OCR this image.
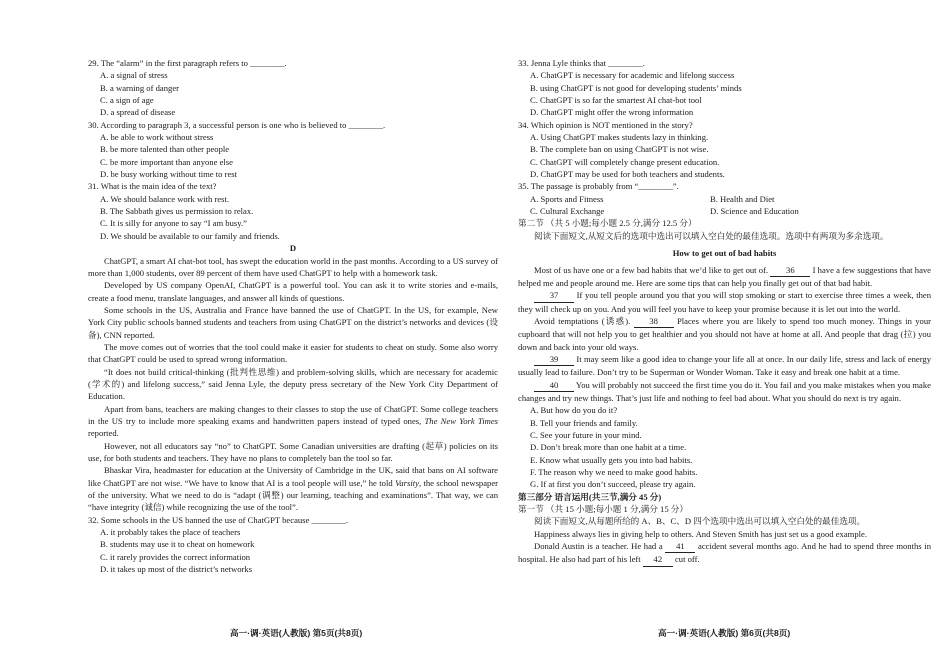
29. The “alarm” in the first paragraph refers to ________.

A. a signal of stress

B. a warning of danger

C. a sign of age

D. a spread of disease

30. According to paragraph 3, a successful person is one who is believed to ________.

A. be able to work without stress

B. be more talented than other people

C. be more important than anyone else

D. be busy working without time to rest

31. What is the main idea of the text?

A. We should balance work with rest.

B. The Sabbath gives us permission to relax.

C. It is silly for anyone to say “I am busy.”

D. We should be available to our family and friends.

D

ChatGPT, a smart AI chat-bot tool, has swept the education world in the past months. According to a US survey of more than 1,000 students, over 89 percent of them have used ChatGPT to help with a homework task.

Developed by US company OpenAI, ChatGPT is a powerful tool. You can ask it to write stories and e-mails, create a food menu, translate languages, and answer all kinds of questions.

Some schools in the US, Australia and France have banned the use of ChatGPT. In the US, for example, New York City public schools banned students and teachers from using ChatGPT on the district’s networks and devices (设备), CNN reported.

The move comes out of worries that the tool could make it easier for students to cheat on study. Some also worry that ChatGPT could be used to spread wrong information.

“It does not build critical-thinking (批判性思维) and problem-solving skills, which are necessary for academic (学术的) and lifelong success,” said Jenna Lyle, the deputy press secretary of the New York City Department of Education.

Apart from bans, teachers are making changes to their classes to stop the use of ChatGPT. Some college teachers in the US try to include more speaking exams and handwritten papers instead of typed ones, The New York Times reported.

However, not all educators say “no” to ChatGPT. Some Canadian universities are drafting (起草) policies on its use, for both students and teachers. They have no plans to completely ban the tool so far.

Bhaskar Vira, headmaster for education at the University of Cambridge in the UK, said that bans on AI software like ChatGPT are not wise. “We have to know that AI is a tool people will use,” he told Varsity, the school newspaper of the university. What we need to do is “adapt (调整) our learning, teaching and examinations”. That way, we can “have integrity (诚信) while recognizing the use of the tool”.

32. Some schools in the US banned the use of ChatGPT because ________.

A. it probably takes the place of teachers

B. students may use it to cheat on homework

C. it rarely provides the correct information

D. it takes up most of the district’s networks

33. Jenna Lyle thinks that ________.

A. ChatGPT is necessary for academic and lifelong success

B. using ChatGPT is not good for developing students’ minds

C. ChatGPT is so far the smartest AI chat-bot tool

D. ChatGPT might offer the wrong information

34. Which opinion is NOT mentioned in the story?

A. Using ChatGPT makes students lazy in thinking.

B. The complete ban on using ChatGPT is not wise.

C. ChatGPT will completely change present education.

D. ChatGPT may be used for both teachers and students.

35. The passage is probably from “________”.

A. Sports and Fitness	B. Health and Diet
C. Cultural Exchange	D. Science and Education

第二节 （共 5 小题;每小题 2.5 分,满分 12.5 分）

阅读下面短文,从短文后的选项中选出可以填入空白处的最佳选项。选项中有两项为多余选项。

How to get out of bad habits

Most of us have one or a few bad habits that we’d like to get out of. 36 I have a few suggestions that have helped me and people around me. Here are some tips that can help you finally get out of that bad habit.

37 If you tell people around you that you will stop smoking or start to exercise three times a week, then they will check up on you. And you will feel you have to keep your promise because it is let out into the world.

Avoid temptations (诱惑). 38 Places where you are likely to spend too much money. Things in your cupboard that will not help you to get healthier and you should not have at home at all. And people that drag (拉) you down and back into your old ways.

39 It may seem like a good idea to change your life all at once. In our daily life, stress and lack of energy usually lead to failure. Don’t try to be Superman or Wonder Woman. Take it easy and break one habit at a time.

40 You will probably not succeed the first time you do it. You fail and you make mistakes when you make changes and try new things. That’s just life and nothing to feel bad about. What you should do next is try again.

A. But how do you do it?

B. Tell your friends and family.

C. See your future in your mind.

D. Don’t break more than one habit at a time.

E. Know what usually gets you into bad habits.

F. The reason why we need to make good habits.

G. If at first you don’t succeed, please try again.

第三部分 语言运用(共三节,满分 45 分)

第一节 （共 15 小题;每小题 1 分,满分 15 分）

阅读下面短文,从每题所给的 A、B、C、D 四个选项中选出可以填入空白处的最佳选项。

Happiness always lies in giving help to others. And Steven Smith has just set us a good example.

Donald Austin is a teacher. He had a 41 accident several months ago. And he had to spend three months in hospital. He also had part of his left 42 cut off.

高一·调·英语(人教版) 第5页(共8页)	高一·调·英语(人教版) 第6页(共8页)
